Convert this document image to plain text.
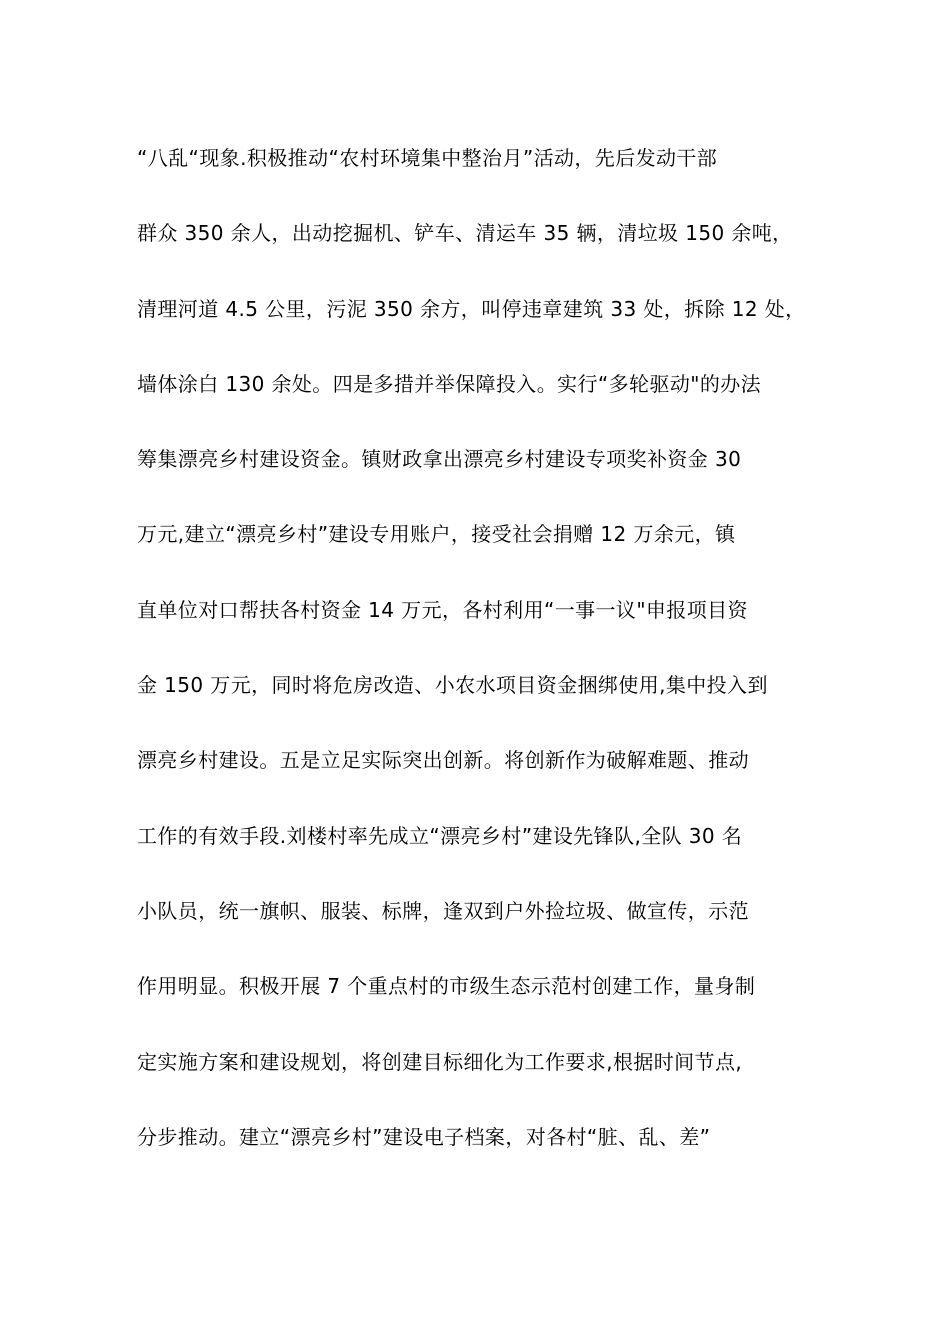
“八乱“现象.积极推动“农村环境集中整治月”活动，先后发动干部
群众 350 余人，出动挖掘机、铲车、清运车 35 辆，清垃圾 150 余吨，
清理河道 4.5 公里，污泥 350 余方，叫停违章建筑 33 处，拆除 12 处，
墙体涂白 130 余处。四是多措并举保障投入。实行“多轮驱动"的办法
筹集漂亮乡村建设资金。镇财政拿出漂亮乡村建设专项奖补资金 30
万元,建立“漂亮乡村”建设专用账户，接受社会捐赠 12 万余元，镇
直单位对口帮扶各村资金 14 万元，各村利用“一事一议"申报项目资
金 150 万元，同时将危房改造、小农水项目资金捆绑使用,集中投入到
漂亮乡村建设。五是立足实际突出创新。将创新作为破解难题、推动
工作的有效手段.刘楼村率先成立“漂亮乡村”建设先锋队,全队 30 名
小队员，统一旗帜、服装、标牌，逢双到户外捡垃圾、做宣传，示范
作用明显。积极开展 7 个重点村的市级生态示范村创建工作，量身制
定实施方案和建设规划，将创建目标细化为工作要求,根据时间节点,
分步推动。建立“漂亮乡村”建设电子档案，对各村“脏、乱、差”
